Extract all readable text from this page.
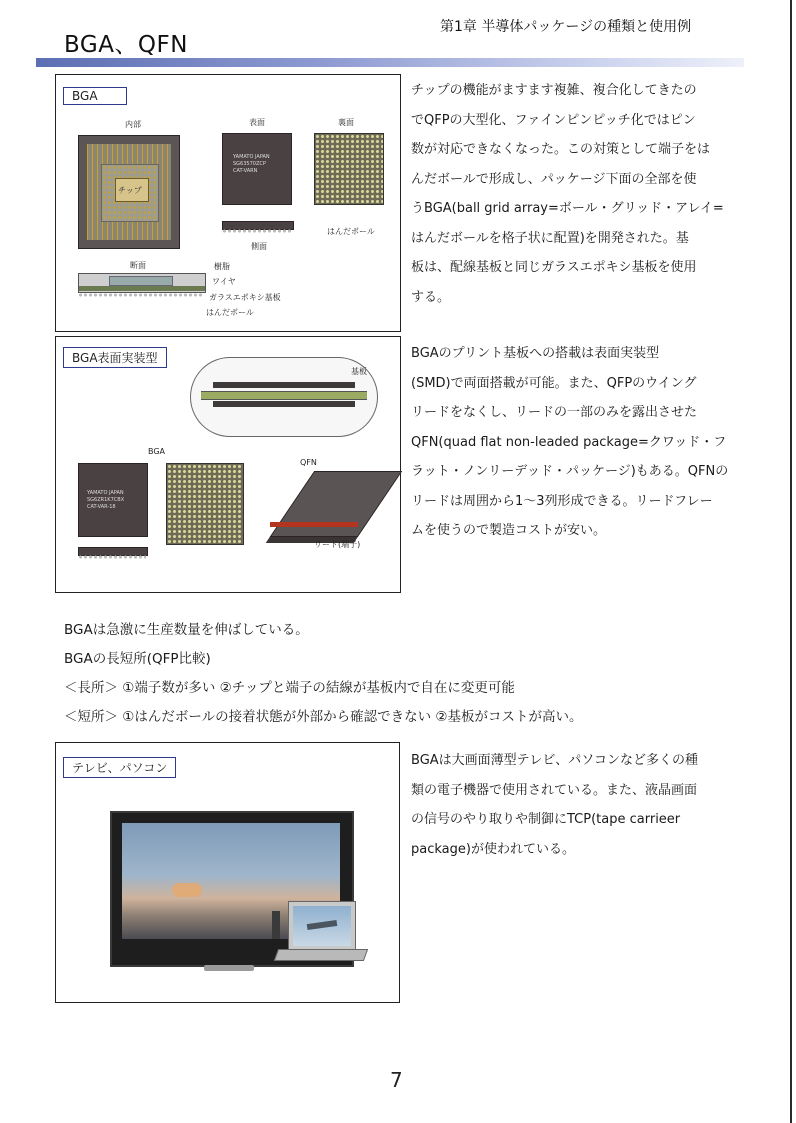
第1章 半導体パッケージの種類と使用例
BGA、QFN
BGA
内部	表面	裏面
チップ
YAMATO JAPAN
SG63570ZCP
CAT-VARN
はんだボール
側面
断面	樹脂
ワイヤ
ガラスエポキシ基板
はんだボール
チップの機能がますます複雑、複合化してきたの
でQFPの大型化、ファインピンピッチ化ではピン
数が対応できなくなった。この対策として端子をは
んだボールで形成し、パッケージ下面の全部を使
うBGA(ball grid array=ボール・グリッド・アレイ=
はんだボールを格子状に配置)を開発された。基
板は、配線基板と同じガラスエポキシ基板を使用
する。
BGA表面実装型
基板
BGA
YAMATO JAPAN
SG6ZR1K7CBX
CAT-VAR-18
QFN
リード(端子)
BGAのプリント基板への搭載は表面実装型
(SMD)で両面搭載が可能。また、QFPのウイング
リードをなくし、リードの一部のみを露出させた
QFN(quad flat non-leaded package=クワッド・フ
ラット・ノンリーデッド・パッケージ)もある。QFNの
リードは周囲から1～3列形成できる。リードフレー
ムを使うので製造コストが安い。
BGAは急激に生産数量を伸ばしている。
BGAの長短所(QFP比較)
＜長所＞ ①端子数が多い ②チップと端子の結線が基板内で自在に変更可能
＜短所＞ ①はんだボールの接着状態が外部から確認できない ②基板がコストが高い。
テレビ、パソコン	BGAは大画面薄型テレビ、パソコンなど多くの種
類の電子機器で使用されている。また、液晶画面
の信号のやり取りや制御にTCP(tape carrieer
package)が使われている。
7
